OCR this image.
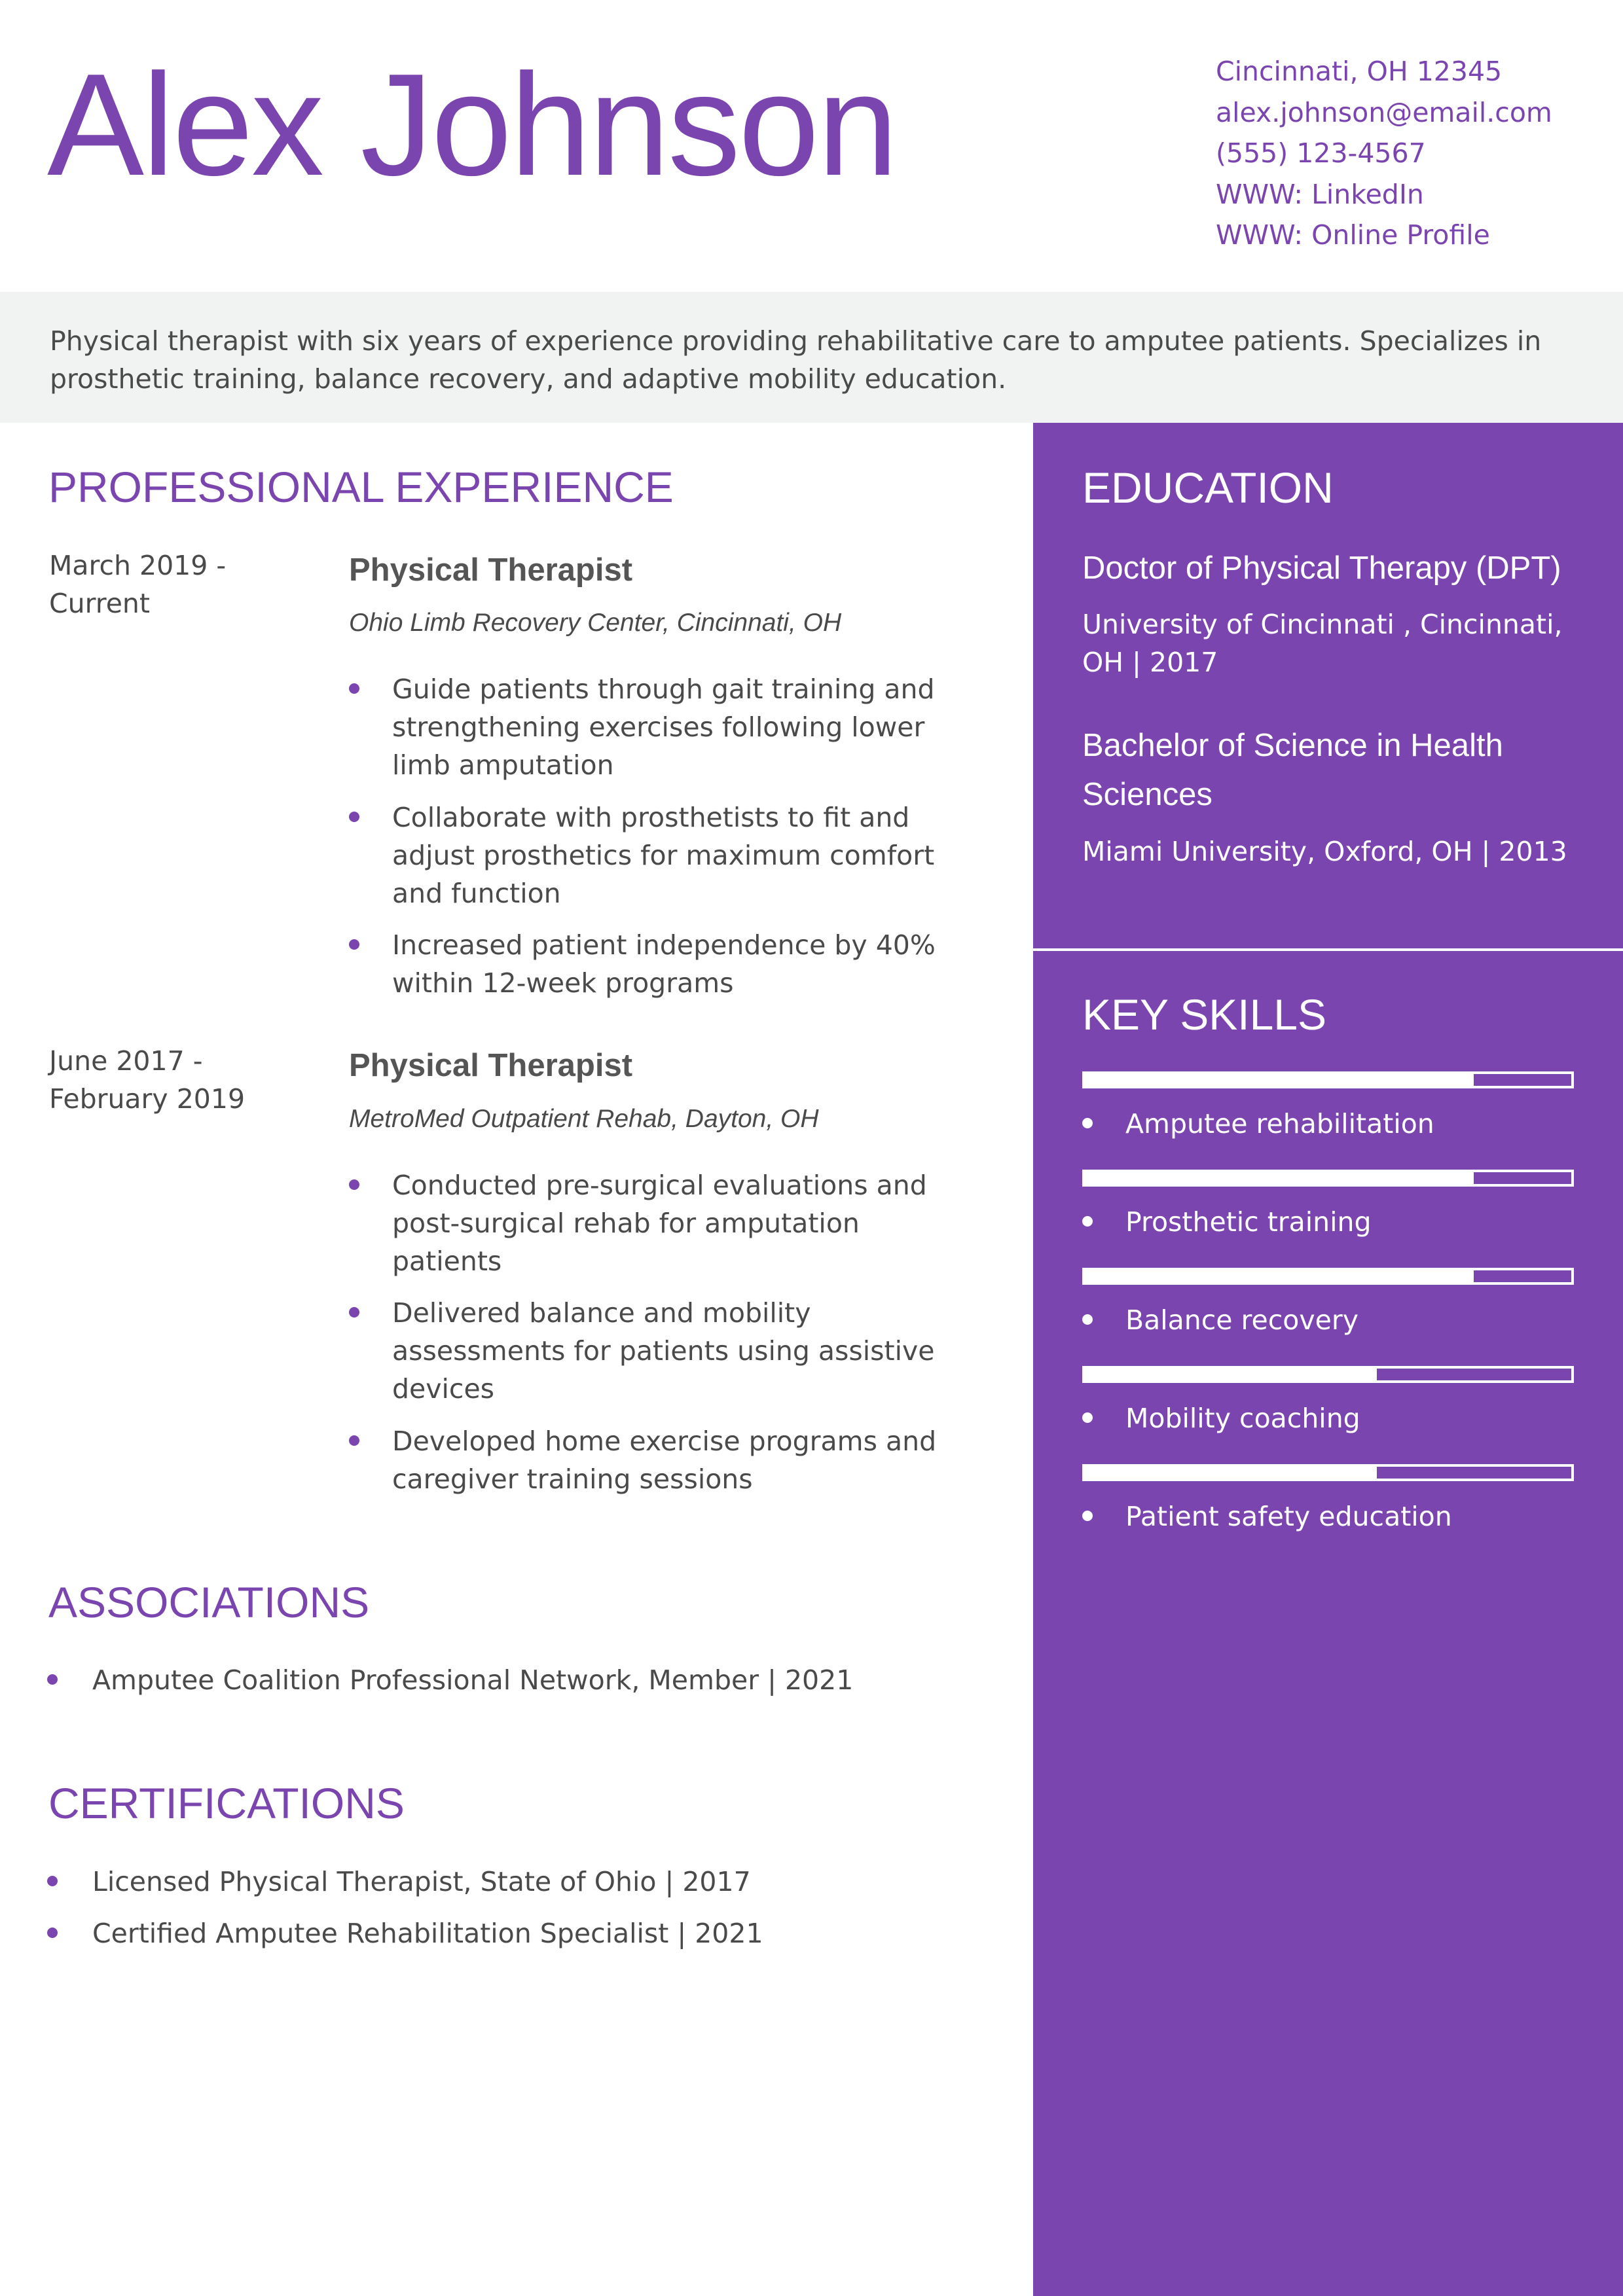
Alex Johnson	Cincinnati, OH 12345
alex.johnson@email.com
(555) 123-4567
WWW: LinkedIn
WWW: Online Profile

Physical therapist with six years of experience providing rehabilitative care to amputee patients. Specializes in prosthetic training, balance recovery, and adaptive mobility education.

PROFESSIONAL EXPERIENCE
March 2019 - Current
Physical Therapist
Ohio Limb Recovery Center, Cincinnati, OH
Guide patients through gait training and strengthening exercises following lower limb amputation
Collaborate with prosthetists to fit and adjust prosthetics for maximum comfort and function
Increased patient independence by 40% within 12-week programs
June 2017 - February 2019
Physical Therapist
MetroMed Outpatient Rehab, Dayton, OH
Conducted pre-surgical evaluations and post-surgical rehab for amputation patients
Delivered balance and mobility assessments for patients using assistive devices
Developed home exercise programs and caregiver training sessions
ASSOCIATIONS
Amputee Coalition Professional Network, Member | 2021
CERTIFICATIONS
Licensed Physical Therapist, State of Ohio | 2017
Certified Amputee Rehabilitation Specialist | 2021
EDUCATION
Doctor of Physical Therapy (DPT)
University of Cincinnati , Cincinnati, OH | 2017
Bachelor of Science in Health Sciences
Miami University, Oxford, OH | 2013
KEY SKILLS
Amputee rehabilitation
Prosthetic training
Balance recovery
Mobility coaching
Patient safety education
